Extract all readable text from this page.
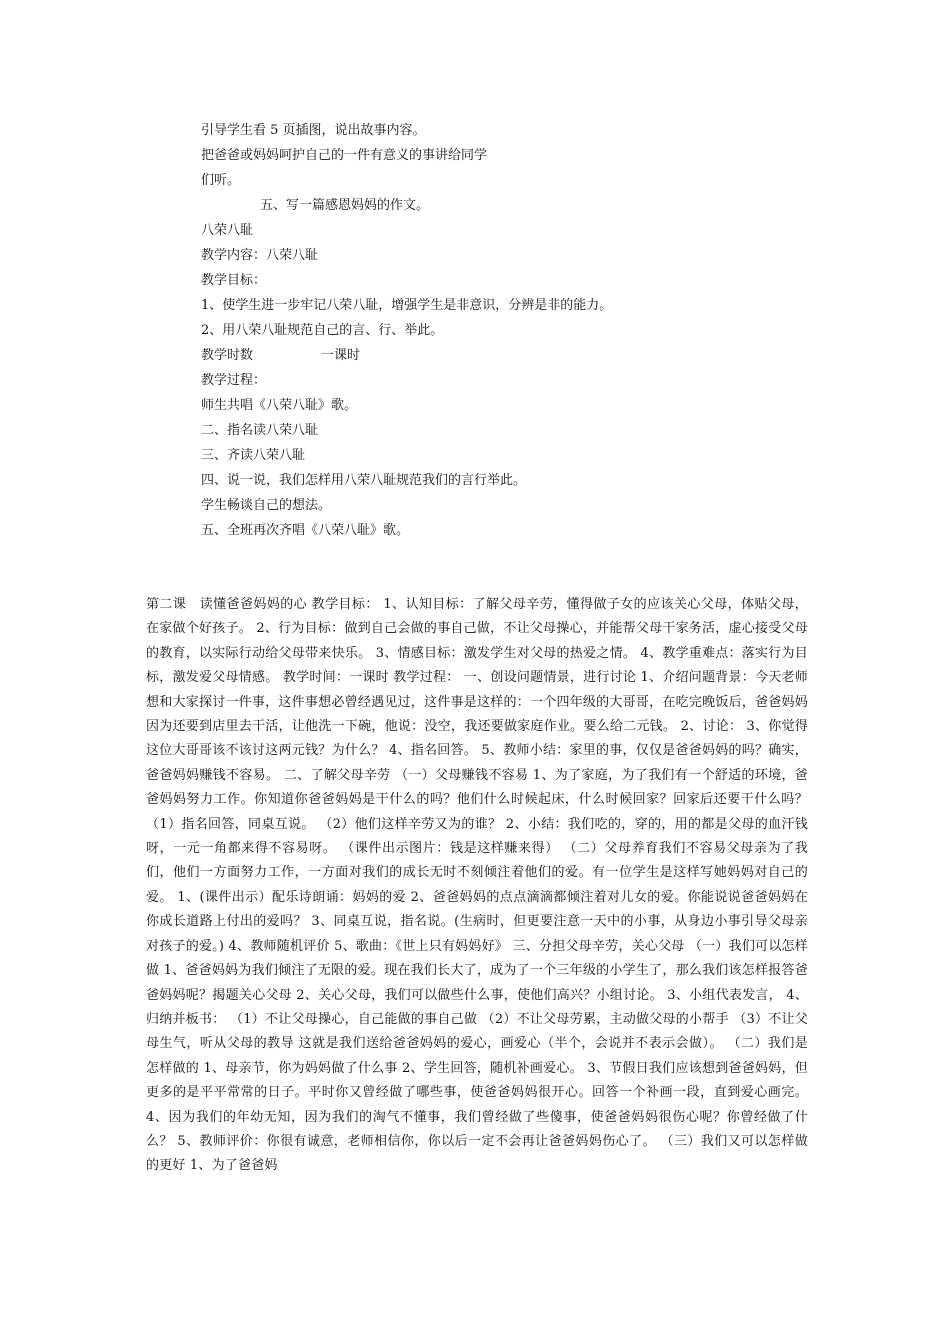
引导学生看 5 页插图，说出故事内容。
把爸爸或妈妈呵护自己的一件有意义的事讲给同学
们听。
五、写一篇感恩妈妈的作文。
八荣八耻
教学内容：八荣八耻
教学目标：
1、使学生进一步牢记八荣八耻，增强学生是非意识，分辨是非的能力。
2、用八荣八耻规范自己的言、行、举此。
教学时数	一课时
教学过程：
师生共唱《八荣八耻》歌。
二、指名读八荣八耻
三、齐读八荣八耻
四、说一说，我们怎样用八荣八耻规范我们的言行举此。
学生畅谈自己的想法。
五、全班再次齐唱《八荣八耻》歌。
第二课　读懂爸爸妈妈的心 教学目标： 1、认知目标：了解父母辛劳，懂得做子女的应该关心父母，体贴父母，在家做个好孩子。 2、行为目标：做到自己会做的事自己做，不让父母操心，并能帮父母干家务活，虚心接受父母的教育，以实际行动给父母带来快乐。 3、情感目标：激发学生对父母的热爱之情。 4、教学重难点：落实行为目标，激发爱父母情感。 教学时间：一课时 教学过程： 一、创设问题情景，进行讨论 1、介绍问题背景：今天老师想和大家探讨一件事，这件事想必曾经遇见过，这件事是这样的：一个四年级的大哥哥，在吃完晚饭后，爸爸妈妈因为还要到店里去干活，让他洗一下碗，他说：没空，我还要做家庭作业。要么给二元钱。 2、讨论： 3、你觉得这位大哥哥该不该讨这两元钱？为什么？ 4、指名回答。 5、教师小结：家里的事，仅仅是爸爸妈妈的吗？确实，爸爸妈妈赚钱不容易。 二、了解父母辛劳 （一）父母赚钱不容易 1、为了家庭，为了我们有一个舒适的环境，爸爸妈妈努力工作。你知道你爸爸妈妈是干什么的吗？他们什么时候起床，什么时候回家？回家后还要干什么吗？ （1）指名回答，同桌互说。 （2）他们这样辛劳又为的谁？ 2、小结：我们吃的，穿的，用的都是父母的血汗钱呀，一元一角都来得不容易呀。 （课件出示图片：钱是这样赚来得） （二）父母养育我们不容易父母亲为了我们，他们一方面努力工作，一方面对我们的成长无时不刻倾注着他们的爱。有一位学生是这样写她妈妈对自己的爱。 1、(课件出示）配乐诗朗诵：妈妈的爱 2、爸爸妈妈的点点滴滴都倾注着对儿女的爱。你能说说爸爸妈妈在你成长道路上付出的爱吗？ 3、同桌互说，指名说。(生病时，但更要注意一天中的小事，从身边小事引导父母亲对孩子的爱。) 4、教师随机评价 5、歌曲：《世上只有妈妈好》 三、分担父母辛劳，关心父母 （一）我们可以怎样做 1、爸爸妈妈为我们倾注了无限的爱。现在我们长大了，成为了一个三年级的小学生了，那么我们该怎样报答爸爸妈妈呢？揭题关心父母 2、关心父母，我们可以做些什么事，使他们高兴？小组讨论。 3、小组代表发言， 4、归纳并板书： （1）不让父母操心，自己能做的事自己做 （2）不让父母劳累，主动做父母的小帮手 （3）不让父母生气，听从父母的教导 这就是我们送给爸爸妈妈的爱心，画爱心（半个，会说并不表示会做）。 （二）我们是怎样做的 1、母亲节，你为妈妈做了什么事 2、学生回答，随机补画爱心。 3、节假日我们应该想到爸爸妈妈，但更多的是平平常常的日子。平时你又曾经做了哪些事，使爸爸妈妈很开心。回答一个补画一段，直到爱心画完。 4、因为我们的年幼无知，因为我们的淘气不懂事，我们曾经做了些傻事，使爸爸妈妈很伤心呢？你曾经做了什么？ 5、教师评价：你很有诚意，老师相信你，你以后一定不会再让爸爸妈妈伤心了。 （三）我们又可以怎样做的更好 1、为了爸爸妈
